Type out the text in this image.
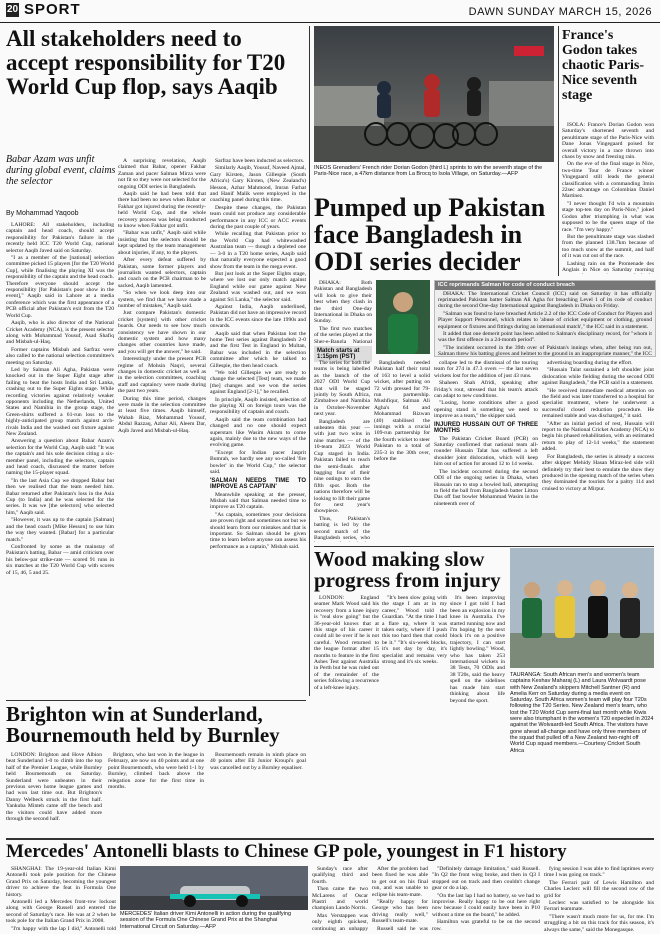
20 SPORT	DAWN SUNDAY MARCH 15, 2026
All stakeholders need to accept responsibility for T20 World Cup flop, says Aaqib
Babar Azam was unfit during global event, claims the selector
By Mohammad Yaqoob

LAHORE: All stakeholders, including captain and head coach, should accept responsibility for Pakistan's failure in the recently held ICC T20 World Cup, national selector Aaqib Javed said on Saturday.

"I as a member of the [national] selection committee picked 15 players [for the T20 World Cup], while finalising the playing XI was the responsibility of the captain and the head coach. Therefore everyone should accept the responsibility [for Pakistan's poor show in the event]," Aaqib said in Lahore at a media conference which was the first appearance of a PCB official after Pakistan's exit from the T20 World Cup.

Aaqib, who is also director of the National Cricket Academy (NCA), is the present selector along with Mohammad Yousuf, Asad Shafiq and Misbah-ul-Haq.

Former captains Misbah and Sarfraz were also called to the national selection committee's meeting on Saturday.

Led by Salman Ali Agha, Pakistan were knocked out in the Super Eight stage after failing to beat the hosts India and Sri Lanka, crashing out to the Super Eights stage. While recording victories against relatively weaker opponents including the Netherlands, United States and Namibia in the group stage, the Green-shirts suffered a 61-run loss to the highly-anticipated group match against arch-rivals India and the washed out fixture against New Zealand.

Answering a question about Babar Azam's selection for the World Cup, Aaqib said: "It was the captain's and his sole decision citing a six-member panel, including the selectors, captain and head coach, discussed the matter before naming the 15-player squad.

"In the last Asia Cup we dropped Babar but then we realised that the team needed him. Babar returned after Pakistan's loss in the Asia Cup (to India) and he was selected for the series. It was we [the selectors] who selected him," Aaqib said.

"However, it was up to the captain [Salman] and the head coach [Mike Hesson] to use him the way they wanted. [Babar] for a particular match."

Confronted by some as the mainstay of Pakistan's batting, Babar — amid criticism over his below-par strike-rate — scored 91 runs in six matches at the T20 World Cup with scores of 15, 46, 5 and 25.

A surprising revelation, Aaqib claimed that Babar, opener Fakhar Zaman and pacer Salman Mirza were not fit so they were not selected for the ongoing ODI series in Bangladesh.

Aaqib said he had been told that there had been no news when Babar or Fakhar got injured during the recently-held World Cup, and the whole recovery process was being conducted to know when Fakhar got unfit.

"Babar was unfit," Aaqib said while insisting that the selectors should be kept updated by the team management about injuries, if any, to the players.

After every defeat suffered by Pakistan, some former players and journalists wanted selectors, captain and coach on the PCB chairman to be sacked, Aaqib lamented.

"So when we look deep into our system, we find that we have made a number of mistakes," Aaqib said.

Just compare Pakistan's domestic cricket [system] with other cricket boards. Our needs to see how much consistency we have shown in our domestic system and how many changes other countries have made, and you will get the answer," he said.

Interestingly under the present PCB regime of Mohsin Naqvi, several changes in domestic cricket as well as in the selection committees, coaching staff and captaincy were made during the past two years.

During this time period, changes were made in the selection committee at least five times. Aaqib himself, Wahab Riaz, Mohammad Yousuf, Abdul Razzaq, Azhar Ali, Aleem Dar, Aqib Javed and Misbah-ul-Haq.

Sarfraz have been inducted as selectors.

Similarly Aaqib, Yousuf, Naveed Ajmal, Gary Kirsten, Jason Gillespie (South Africa's) Gary Kirsten, (New Zealand's) Hesson, Azhar Mahmood, Imran Farhat and Hanif Malik were employed in the coaching panel during this time.

Despite these changes, the Pakistan team could not produce any considerable performance in any ICC or ACC events during the past couple of years.

While recalling that Pakistan prior to the World Cup had whitewashed Australian team — though a depleted one — 3-0 in a T20 home series, Aaqib said that naturally everyone expected a good show from the team in the mega event.

But just look at the Super Eights stage, where we lost our only match against England while our game against New Zealand was washed out, and we won against Sri Lanka," the selector said.

Against India, Aaqib underlined, Pakistan did not have an impressive record in the ICC events since the late 1990s and onwards.

Aaqib said that when Pakistan lost the home Test series against Bangladesh 2-0 and the first Test in England in Multan, Babar was included in the selection committee after which he talked to Gillespie, the then head coach.

"We told Gillespie we are ready to change the selected [Test] team, we made [the] changes and we won the series against England [2-1]," he recalled.

In principle, Aaqib insisted, selection of the playing XI on foreign tours was the responsibility of captain and coach.

Aaqib said the team combination had changed and no one should expect superstars like Wasim Akram to come again, mainly due to the new ways of the evolving game.

"Except for Indian pacer Jasprit Bumrah, we hardly see any so-called 'fire bowler' in the World Cup," the selector said.

'SALMAN NEEDS TIME TO IMPROVE AS CAPTAIN'

Meanwhile speaking at the presser, Misbah said that Salman needed time to improve as T20 captain.

"As captain, sometimes your decisions are proven right and sometimes not but we should learn from our mistakes and that is important. So Salman should be given time to learn before anyone can assess his performance as a captain," Misbah said.

Brighton win at Sunderland, Bournemouth held by Burnley

LONDON: Brighton and Hove Albion beat Sunderland 1-0 to climb into the top half of the Premier League, while Burnley held Bournemouth on Saturday. Sunderland were unbeaten in their previous seven home league games and had won last time out. But Brighton's Danny Welbeck struck in the first half. Yankuba Minteh came off the bench and the visitors could have added more through the second half.

Brighton, who last won in the league in February, are now on 40 points and at one point Bournemouth, who were held 1-1 by Burnley, climbed back above the relegation zone for the first time in months.

Bournemouth remain in ninth place on 40 points after Eli Junior Kroupi's goal was cancelled out by a Burnley equaliser.

INEOS Grenadiers' French rider Dorian Godon (third L) sprints to win the seventh stage of the Paris-Nice race, a 47km distance from La Brocq to Isola Village, on Saturday.—AFP
Pumped up Pakistan face Bangladesh in ODI series decider

DHAKA: Both Pakistan and Bangladesh will look to give their best when they clash in the third One-day International in Dhaka on Sunday.

The first two matches of the series played at the Sher-e-Bangla National

Match starts at 1:15pm (PST)
ICC reprimands Salman for code of conduct breach

DHAKA: The International Cricket Council (ICC) said on Saturday it has officially reprimanded Pakistan batter Salman Ali Agha for breaching Level 1 of its code of conduct during the second One-day International against Bangladesh in Dhaka on Friday.

"Salman was found to have breached Article 2.2 of the ICC Code of Conduct for Players and Player Support Personnel, which relates to 'abuse of cricket equipment or clothing, ground equipment or fixtures and fittings during an international match'," the ICC said in a statement.

It added that one demerit point has been added to Salman's disciplinary record, for "whom it was the first offence in a 24-month period".

"The incident occurred in the 39th over of Pakistan's innings when, after being run out, Salman threw his batting gloves and helmet to the ground in an inappropriate manner," the ICC

The series for both the teams is being labelled as the launch of the 2027 ODI World Cup that will be staged jointly by South Africa, Zimbabwe and Namibia in October-November next year.

Bangladesh are unbeaten this year — with just two wins in nine matches — of the 10-team 2023 World Cup staged in India. Pakistan failed to reach the semi-finals after bagging four of their nine outings to earn the fifth spot. Both the nations therefore will be looking to lift their game for next year's showpiece.

Thus, Pakistan's batting is led by the second match of the Bangladesh series, who

Bangladesh needed Pakistan half their total of 163 to level a solid wicket, after putting on 72 with pressed for 79-run partnership. Mushfiqur, Salman Ali Agha's 64 and Mohammad Rizwan (40) stabilised the innings with a crucial 109-run partnership for the fourth wicket to steer Pakistan to a total of 235-3 in the 30th over, before the

collapse led to the dismissal of the touring team for 274 in 47.3 overs — the last seven wickets lost for the addition of just 43 runs.

Shaheen Shah Afridi, speaking after Friday's rout, stressed that his team's attack can adapt to new conditions.

"Losing, home conditions after a good opening stand is something we need to improve as a team," the skipper said.

INJURED HUSSAIN OUT OF THREE MONTHS

The Pakistan Cricket Board (PCB) on Saturday confirmed that national team all-rounder Hussain Talat has suffered a left shoulder joint dislocation, which will keep him out of action for around 12 to 14 weeks.

The incident occurred during the second ODI of the ongoing series in Dhaka, when Hussain ran to stop a bowled ball, attempting to field the ball from Bangladesh batter Litton Das off fast bowler Mohammad Wasim in the nineteenth over of

advertising boarding during the effort.

"Hussain Talat sustained a left shoulder joint dislocation while fielding during the second ODI against Bangladesh," the PCB said in a statement.

"He received immediate medical attention on the field and was later transferred to a hospital for specialist treatment, where he underwent a successful closed reduction procedure. He remained stable and was discharged," it said.

"After an initial period of rest, Hussain will report to the National Cricket Academy (NCA) to begin his phased rehabilitation, with an estimated return to play of 12-14 weeks," the statement added.

For Bangladesh, the series is already a success after skipper Mehidy Hasan Miraz-led side will definitely try their best to emulate the show they produced in the opening match of the series when they dominated the tourists for a paltry 114 and cruised to victory at Mirpur.

Wood making slow progress from injury

LONDON: England seamer Mark Wood said his recovery from a knee injury is "real slow going" but the 36-year-old knows that at this stage of his career it could all be over if he is not careful. Wood returned to the league format after 15 months to feature in the first Ashes Test against Australia in Perth but he was ruled out of the remainder of the series following a recurrence of a left-knee injury.

"It's been slow going with the stage I am at in my career," Wood told the Guardian. "At the time I had a flare up, where it was taken early, where if I push this too hard then that could be it." "It's six-week blocks, it's not day by day, it's specialist and remains very strong and it's six weeks.

It's been improving since I got told I had been an explosion in my knee in Australia. I've started running now and I'm hoping by the next block it's on a positive trajectory, I can start lightly bowling." Wood, who has taken 253 international wickets in 38 Tests, 70 ODIs and 38 T20s, said the heavy spell on the sidelines has made him start thinking about life beyond the sport.

TAURANGA: South African men's and women's team captains Keshav Maharaj (L) and Laura Wolvaardt pose with New Zealand's skippers Mitchell Santner (R) and Amelia Kerr on Saturday during a media event on Saturday. South Africa women's team will play four T20s following the T20 Series. New Zealand men's team, who lost the T20 World Cup semi-final last month while Kiwis were also triumphant in the women's T20 expected in 2024 against the Wolvaardt-led South Africa. The visitors have gone ahead all-change and have only three members of the squad that pulled off a New Zealand two-night off World Cup squad members.—Courtesy Cricket South Africa
France's Godon takes chaotic Paris-Nice seventh stage

ISOLA: France's Dorian Godon won Saturday's shortened seventh and penultimate stage of the Paris-Nice with Dane Jonas Vingegaard poised for overall victory in a race thrown into chaos by snow and freezing rain.

On the eve of the final stage in Nice, two-time Tour de France winner Vingegaard still leads the general classification with a commanding 3min 22sec advantage on Colombian Daniel Martinez.

"I never thought I'd win a mountain stage top-ten day on Paris-Nice," joked Godon after triumphing in what was supposed to be the queen stage of the race. "I'm very happy."

But the penultimate stage was slashed from the planned 138.7km because of too much snow at the summit, and half of it was cut out of the race.

Lashing rain on the Promenade des Anglais in Nice on Saturday morning

Mercedes' Antonelli blasts to Chinese GP pole, youngest in F1 history

SHANGHAI: The 19-year-old Italian Kimi Antonelli took pole position for the Chinese Grand Prix on Saturday, becoming the youngest driver to achieve the feat in Formula One history.

Antonelli led a Mercedes front-row lockout along with George Russell and entered the second of Saturday's race. He was at 2 when he took pole for the Italian Grand Prix in 2008.

"I'm happy with the lap I did," Antonelli told

MERCEDES' Italian driver Kimi Antonelli in action during the qualifying session of the Formula One Chinese Grand Prix at the Shanghai International Circuit on Saturday.—AFP

Sunday's race after qualifying third and fourth.

Then came the two McLarens of Oscar Piastri and world champion Lando Norris.

Max Verstappen was only eighth quickest, continuing an unhappy

After the problem had been fixed he was able to get out on his final run, and was unable to eclipse his team-mate.

"Really happy for George who has been driving really well," Russell's team-mate.

Russell said he was

"Definitely damage limitation," said Russell. "In Q2 the front wing broke, and then in Q3 I stopped out on track and then couldn't change gear or do a lap.

"On the last lap I had no battery, so we had to improvise. Really happy to be out here right now because I could easily have been in P10 without a time on the board," he added.

Hamilton was grateful to be on the second row.

fying session I was able to find laptimes every time I was going on track."

The Ferrari pair of Lewis Hamilton and Charles Leclerc will fill the second row of the grid for

Leclerc was satisfied to be alongside his Ferrari teammate.

"There wasn't much more for us, for me. I'm struggling a bit on this track for this season, it's always the same," said the Monegasque.
